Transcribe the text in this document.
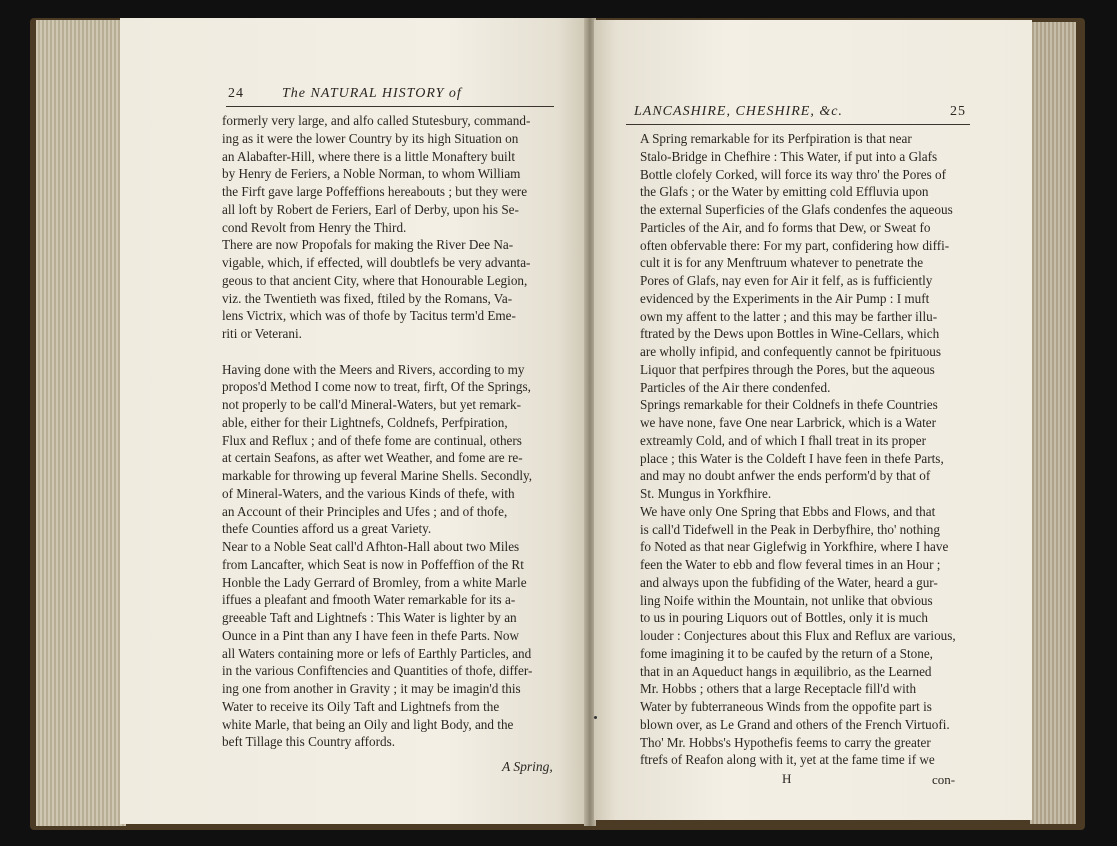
24	The NATURAL HISTORY of
formerly very large, and alfo called Stutesbury, command-
ing as it were the lower Country by its high Situation on
an Alabafter-Hill, where there is a little Monaftery built
by Henry de Feriers, a Noble Norman, to whom William
the Firft gave large Poffeffions hereabouts ; but they were
all loft by Robert de Feriers, Earl of Derby, upon his Se-
cond Revolt from Henry the Third.
There are now Propofals for making the River Dee Na-
vigable, which, if effected, will doubtlefs be very advanta-
geous to that ancient City, where that Honourable Legion,
viz. the Twentieth was fixed, ftiled by the Romans, Va-
lens Victrix, which was of thofe by Tacitus term'd Eme-
riti or Veterani.
Having done with the Meers and Rivers, according to my
propos'd Method I come now to treat, firft, Of the Springs,
not properly to be call'd Mineral-Waters, but yet remark-
able, either for their Lightnefs, Coldnefs, Perfpiration,
Flux and Reflux ; and of thefe fome are continual, others
at certain Seafons, as after wet Weather, and fome are re-
markable for throwing up feveral Marine Shells. Secondly,
of Mineral-Waters, and the various Kinds of thefe, with
an Account of their Principles and Ufes ; and of thofe,
thefe Counties afford us a great Variety.
Near to a Noble Seat call'd Afhton-Hall about two Miles
from Lancafter, which Seat is now in Poffeffion of the Rt
Honble the Lady Gerrard of Bromley, from a white Marle
iffues a pleafant and fmooth Water remarkable for its a-
greeable Taft and Lightnefs : This Water is lighter by an
Ounce in a Pint than any I have feen in thefe Parts. Now
all Waters containing more or lefs of Earthly Particles, and
in the various Confiftencies and Quantities of thofe, differ-
ing one from another in Gravity ; it may be imagin'd this
Water to receive its Oily Taft and Lightnefs from the
white Marle, that being an Oily and light Body, and the
beft Tillage this Country affords.
A Spring,
LANCASHIRE, CHESHIRE, &c.	25
A Spring remarkable for its Perfpiration is that near
Stalo-Bridge in Chefhire : This Water, if put into a Glafs
Bottle clofely Corked, will force its way thro' the Pores of
the Glafs ; or the Water by emitting cold Effluvia upon
the external Superficies of the Glafs condenfes the aqueous
Particles of the Air, and fo forms that Dew, or Sweat fo
often obfervable there: For my part, confidering how diffi-
cult it is for any Menftruum whatever to penetrate the
Pores of Glafs, nay even for Air it felf, as is fufficiently
evidenced by the Experiments in the Air Pump : I muft
own my affent to the latter ; and this may be farther illu-
ftrated by the Dews upon Bottles in Wine-Cellars, which
are wholly infipid, and confequently cannot be fpirituous
Liquor that perfpires through the Pores, but the aqueous
Particles of the Air there condenfed.
Springs remarkable for their Coldnefs in thefe Countries
we have none, fave One near Larbrick, which is a Water
extreamly Cold, and of which I fhall treat in its proper
place ; this Water is the Coldeft I have feen in thefe Parts,
and may no doubt anfwer the ends perform'd by that of
St. Mungus in Yorkfhire.
We have only One Spring that Ebbs and Flows, and that
is call'd Tidefwell in the Peak in Derbyfhire, tho' nothing
fo Noted as that near Giglefwig in Yorkfhire, where I have
feen the Water to ebb and flow feveral times in an Hour ;
and always upon the fubfiding of the Water, heard a gur-
ling Noife within the Mountain, not unlike that obvious
to us in pouring Liquors out of Bottles, only it is much
louder : Conjectures about this Flux and Reflux are various,
fome imagining it to be caufed by the return of a Stone,
that in an Aqueduct hangs in æquilibrio, as the Learned
Mr. Hobbs ; others that a large Receptacle fill'd with
Water by fubterraneous Winds from the oppofite part is
blown over, as Le Grand and others of the French Virtuofi.
Tho' Mr. Hobbs's Hypothefis feems to carry the greater
ftrefs of Reafon along with it, yet at the fame time if we
H	con-
